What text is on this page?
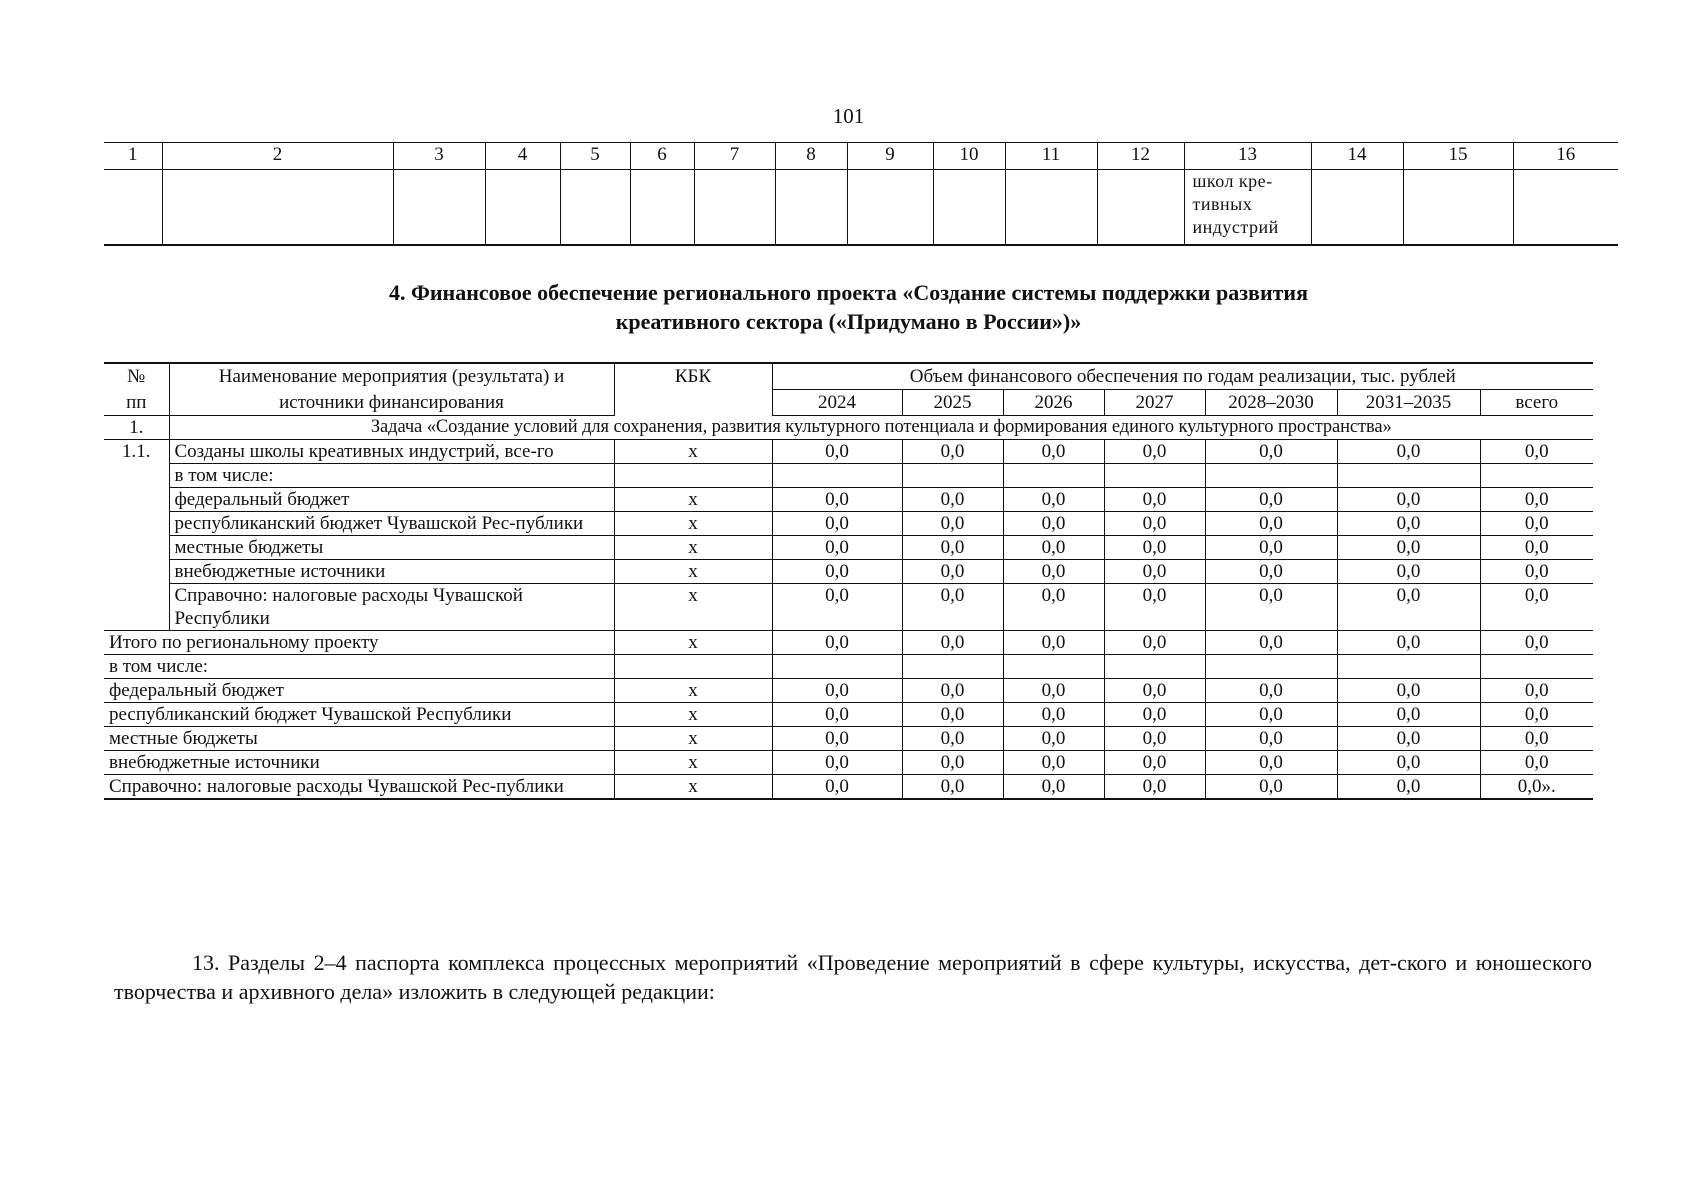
101
1	2	3	4	5	6	7	8	9	10	11	12	13	14	15	16

												школ кре-
тивных
индустрий			

4. Финансовое обеспечение регионального проекта «Создание системы поддержки развития
креативного сектора («Придумано в России»)»
№	Наименование мероприятия (результата) и	КБК	Объем финансового обеспечения по годам реализации, тыс. рублей						
пп	источники финансирования		2024	2025	2026	2027	2028–2030	2031–2035	всего
1.	Задача «Создание условий для сохранения, развития культурного потенциала и формирования единого культурного пространства»								
1.1.	Созданы школы креативных индустрий, все-го	x	0,0	0,0	0,0	0,0	0,0	0,0	0,0
	в том числе:								
	федеральный бюджет	x	0,0	0,0	0,0	0,0	0,0	0,0	0,0
	республиканский бюджет Чувашской Рес-публики	x	0,0	0,0	0,0	0,0	0,0	0,0	0,0
	местные бюджеты	x	0,0	0,0	0,0	0,0	0,0	0,0	0,0
	внебюджетные источники	x	0,0	0,0	0,0	0,0	0,0	0,0	0,0
	Справочно: налоговые расходы Чувашской Республики	x	0,0	0,0	0,0	0,0	0,0	0,0	0,0
Итого по региональному проекту		x	0,0	0,0	0,0	0,0	0,0	0,0	0,0
в том числе:									
федеральный бюджет		x	0,0	0,0	0,0	0,0	0,0	0,0	0,0
республиканский бюджет Чувашской Республики		x	0,0	0,0	0,0	0,0	0,0	0,0	0,0
местные бюджеты		x	0,0	0,0	0,0	0,0	0,0	0,0	0,0
внебюджетные источники		x	0,0	0,0	0,0	0,0	0,0	0,0	0,0
Справочно: налоговые расходы Чувашской Рес-публики		x	0,0	0,0	0,0	0,0	0,0	0,0	0,0».
13. Разделы 2–4 паспорта комплекса процессных мероприятий «Проведение мероприятий в сфере культуры, искусства, дет-ского и юношеского творчества и архивного дела» изложить в следующей редакции:
